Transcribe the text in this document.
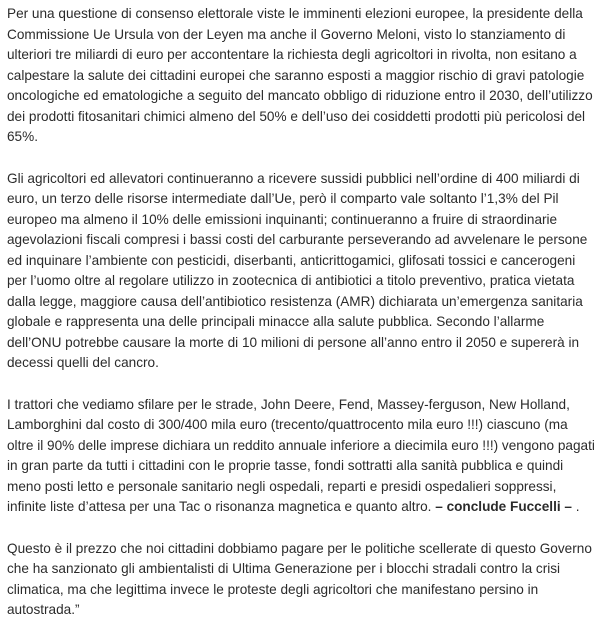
Per una questione di consenso elettorale viste le imminenti elezioni europee, la presidente della Commissione Ue Ursula von der Leyen ma anche il Governo Meloni, visto lo stanziamento di ulteriori tre miliardi di euro per accontentare la richiesta degli agricoltori in rivolta, non esitano a calpestare la salute dei cittadini europei che saranno esposti a maggior rischio di gravi patologie oncologiche ed ematologiche a seguito del mancato obbligo di riduzione entro il 2030, dell’utilizzo dei prodotti fitosanitari chimici almeno del 50% e dell’uso dei cosiddetti prodotti più pericolosi del 65%.

Gli agricoltori ed allevatori continueranno a ricevere sussidi pubblici nell’ordine di 400 miliardi di euro, un terzo delle risorse intermediate dall’Ue, però il comparto vale soltanto l’1,3% del Pil europeo ma almeno il 10% delle emissioni inquinanti; continueranno a fruire di straordinarie agevolazioni fiscali compresi i bassi costi del carburante perseverando ad avvelenare le persone ed inquinare l’ambiente con pesticidi, diserbanti, anticrittogamici, glifosati tossici e cancerogeni per l’uomo oltre al regolare utilizzo in zootecnica di antibiotici a titolo preventivo, pratica vietata dalla legge, maggiore causa dell’antibiotico resistenza (AMR) dichiarata un’emergenza sanitaria globale e rappresenta una delle principali minacce alla salute pubblica. Secondo l’allarme dell’ONU potrebbe causare la morte di 10 milioni di persone all’anno entro il 2050 e supererà in decessi quelli del cancro.

I trattori che vediamo sfilare per le strade, John Deere, Fend, Massey-ferguson, New Holland, Lamborghini dal costo di 300/400 mila euro (trecento/quattrocento mila euro !!!) ciascuno (ma oltre il 90% delle imprese dichiara un reddito annuale inferiore a diecimila euro !!!) vengono pagati in gran parte da tutti i cittadini con le proprie tasse, fondi sottratti alla sanità pubblica e quindi meno posti letto e personale sanitario negli ospedali, reparti e presidi ospedalieri soppressi, infinite liste d’attesa per una Tac o risonanza magnetica e quanto altro. – conclude Fuccelli – .

Questo è il prezzo che noi cittadini dobbiamo pagare per le politiche scellerate di questo Governo che ha sanzionato gli ambientalisti di Ultima Generazione per i blocchi stradali contro la crisi climatica, ma che legittima invece le proteste degli agricoltori che manifestano persino in autostrada.”
